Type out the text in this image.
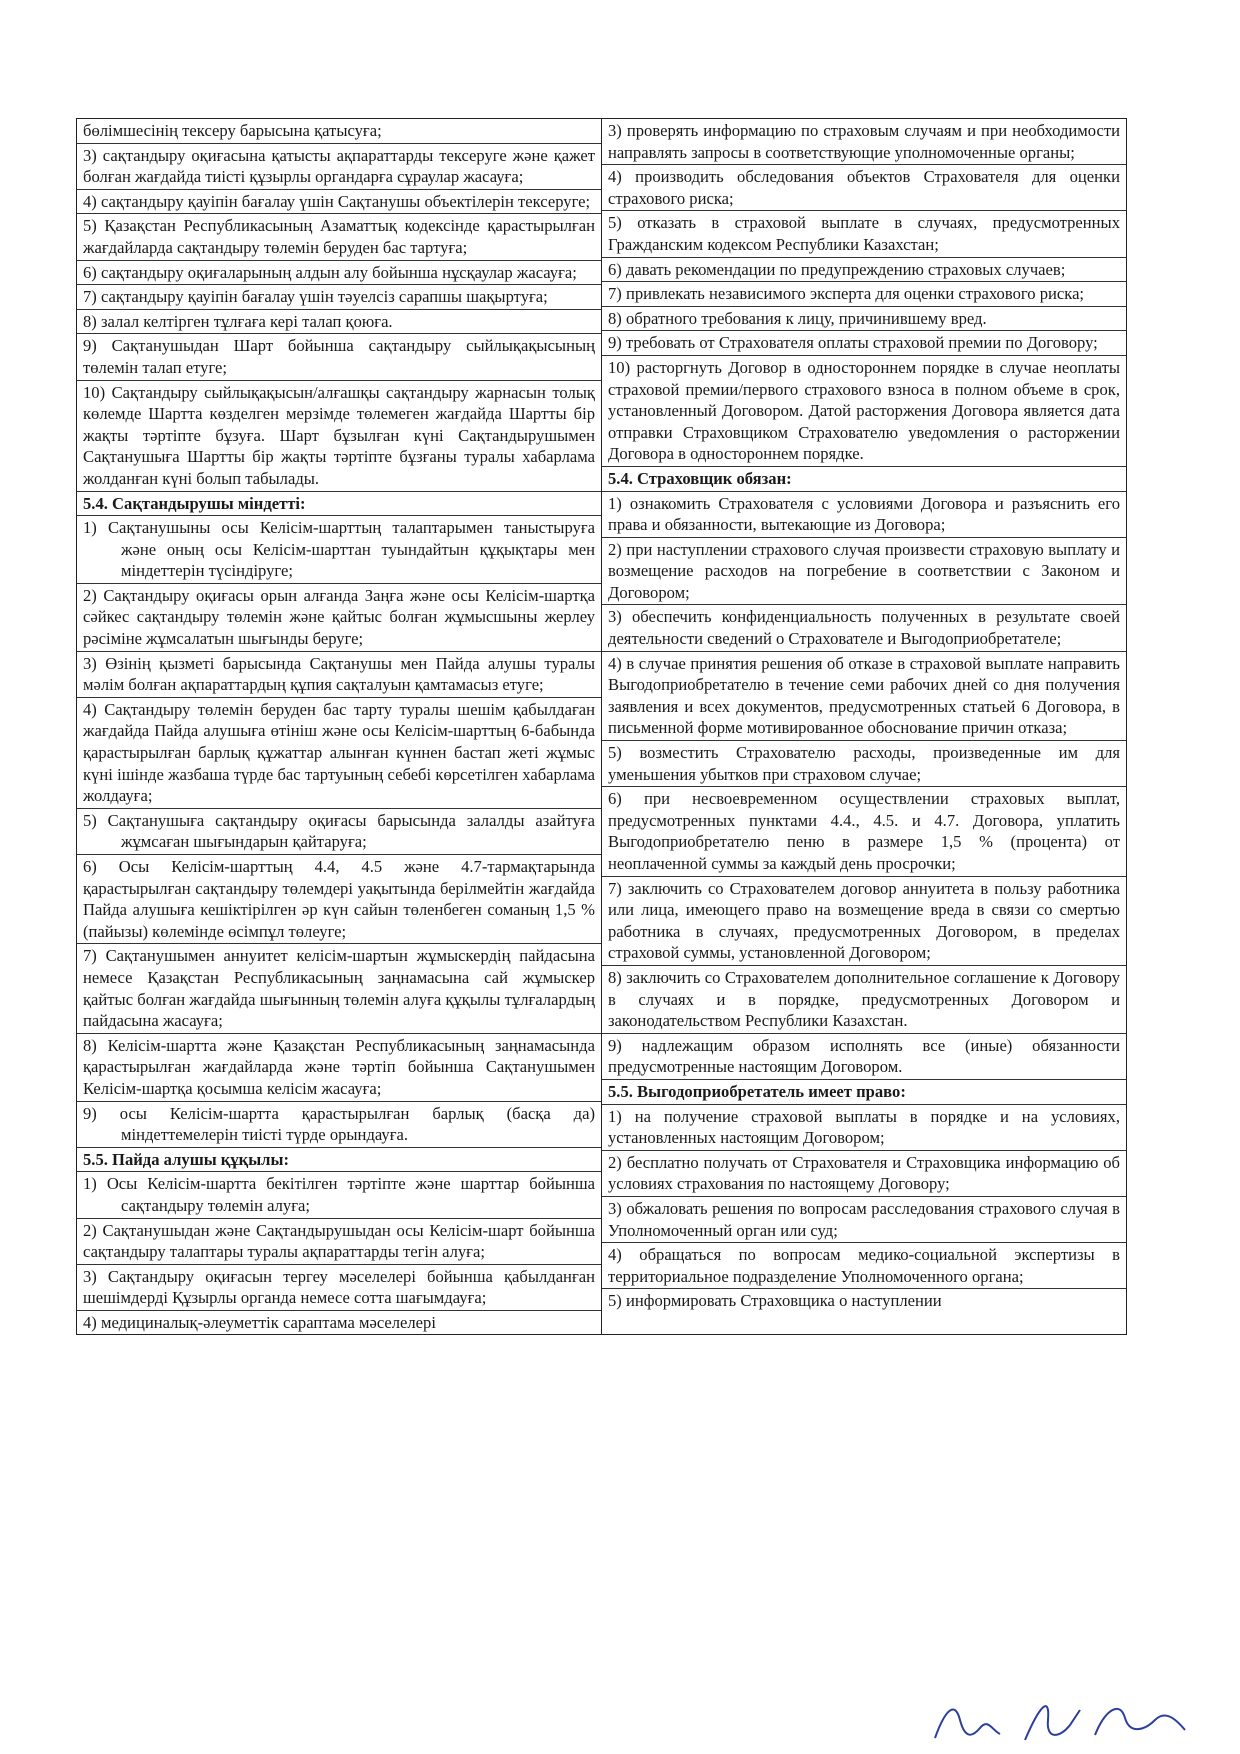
бөлімшесінің тексеру барысына қатысуға;
3) сақтандыру оқиғасына қатысты ақпараттарды тексеруге және қажет болған жағдайда тиісті құзырлы органдарға сұраулар жасауға;
4) сақтандыру қауіпін бағалау үшін Сақтанушы объектілерін тексеруге;
5) Қазақстан Республикасының Азаматтық кодексінде қарастырылған жағдайларда сақтандыру төлемін беруден бас тартуға;
6) сақтандыру оқиғаларының алдын алу бойынша нұсқаулар жасауға;
7) сақтандыру қауіпін бағалау үшін тәуелсіз сарапшы шақыртуға;
8) залал келтірген тұлғаға кері талап қоюға.
9) Сақтанушыдан Шарт бойынша сақтандыру сыйлықақысының төлемін талап етуге;
10) Сақтандыру сыйлықақысын/алғашқы сақтандыру жарнасын толық көлемде Шартта көзделген мерзімде төлемеген жағдайда Шартты бір жақты тәртіпте бұзуға. Шарт бұзылған күні Сақтандырушымен Сақтанушыға Шартты бір жақты тәртіпте бұзғаны туралы хабарлама жолданған күні болып табылады.
5.4. Сақтандырушы міндетті:
1) Сақтанушыны осы Келісім-шарттың талаптарымен таныстыруға және оның осы Келісім-шарттан туындайтын құқықтары мен міндеттерін түсіндіруге;
2) Сақтандыру оқиғасы орын алғанда Заңға және осы Келісім-шартқа сәйкес сақтандыру төлемін және қайтыс болған жұмысшыны жерлеу рәсіміне жұмсалатын шығынды беруге;
3) Өзінің қызметі барысында Сақтанушы мен Пайда алушы туралы мәлім болған ақпараттардың құпия сақталуын қамтамасыз етуге;
4) Сақтандыру төлемін беруден бас тарту туралы шешім қабылдаған жағдайда Пайда алушыға өтініш және осы Келісім-шарттың 6-бабында қарастырылған барлық құжаттар алынған күннен бастап жеті жұмыс күні ішінде жазбаша түрде бас тартуының себебі көрсетілген хабарлама жолдауға;
5) Сақтанушыға сақтандыру оқиғасы барысында залалды азайтуға жұмсаған шығындарын қайтаруға;
6) Осы Келісім-шарттың 4.4, 4.5 және 4.7-тармақтарында қарастырылған сақтандыру төлемдері уақытында берілмейтін жағдайда Пайда алушыға кешіктірілген әр күн сайын төленбеген соманың 1,5 % (пайызы) көлемінде өсімпұл төлеуге;
7) Сақтанушымен аннуитет келісім-шартын жұмыскердің пайдасына немесе Қазақстан Республикасының заңнамасына сай жұмыскер қайтыс болған жағдайда шығынның төлемін алуға құқылы тұлғалардың пайдасына жасауға;
8) Келісім-шартта және Қазақстан Республикасының заңнамасында қарастырылған жағдайларда және тәртіп бойынша Сақтанушымен Келісім-шартқа қосымша келісім жасауға;
9) осы Келісім-шартта қарастырылған барлық (басқа да) міндеттемелерін тиісті түрде орындауға.
5.5. Пайда алушы құқылы:
1) Осы Келісім-шартта бекітілген тәртіпте және шарттар бойынша сақтандыру төлемін алуға;
2) Сақтанушыдан және Сақтандырушыдан осы Келісім-шарт бойынша сақтандыру талаптары туралы ақпараттарды тегін алуға;
3) Сақтандыру оқиғасын тергеу мәселелері бойынша қабылданған шешімдерді Құзырлы органда немесе сотта шағымдауға;
4) медициналық-әлеуметтік сараптама мәселелері

3) проверять информацию по страховым случаям и при необходимости направлять запросы в соответствующие уполномоченные органы;
4) производить обследования объектов Страхователя для оценки страхового риска;
5) отказать в страховой выплате в случаях, предусмотренных Гражданским кодексом Республики Казахстан;
6) давать рекомендации по предупреждению страховых случаев;
7) привлекать независимого эксперта для оценки страхового риска;
8) обратного требования к лицу, причинившему вред.
9) требовать от Страхователя оплаты страховой премии по Договору;
10) расторгнуть Договор в одностороннем порядке в случае неоплаты страховой премии/первого страхового взноса в полном объеме в срок, установленный Договором. Датой расторжения Договора является дата отправки Страховщиком Страхователю уведомления о расторжении Договора в одностороннем порядке.
5.4. Страховщик обязан:
1) ознакомить Страхователя с условиями Договора и разъяснить его права и обязанности, вытекающие из Договора;
2) при наступлении страхового случая произвести страховую выплату и возмещение расходов на погребение в соответствии с Законом и Договором;
3) обеспечить конфиденциальность полученных в результате своей деятельности сведений о Страхователе и Выгодоприобретателе;
4) в случае принятия решения об отказе в страховой выплате направить Выгодоприобретателю в течение семи рабочих дней со дня получения заявления и всех документов, предусмотренных статьей 6 Договора, в письменной форме мотивированное обоснование причин отказа;
5) возместить Страхователю расходы, произведенные им для уменьшения убытков при страховом случае;
6) при несвоевременном осуществлении страховых выплат, предусмотренных пунктами 4.4., 4.5. и 4.7. Договора, уплатить Выгодоприобретателю пеню в размере 1,5 % (процента) от неоплаченной суммы за каждый день просрочки;
7) заключить со Страхователем договор аннуитета в пользу работника или лица, имеющего право на возмещение вреда в связи со смертью работника в случаях, предусмотренных Договором, в пределах страховой суммы, установленной Договором;
8) заключить со Страхователем дополнительное соглашение к Договору в случаях и в порядке, предусмотренных Договором и законодательством Республики Казахстан.
9) надлежащим образом исполнять все (иные) обязанности предусмотренные настоящим Договором.
5.5. Выгодоприобретатель имеет право:
1) на получение страховой выплаты в порядке и на условиях, установленных настоящим Договором;
2) бесплатно получать от Страхователя и Страховщика информацию об условиях страхования по настоящему Договору;
3) обжаловать решения по вопросам расследования страхового случая в Уполномоченный орган или суд;
4) обращаться по вопросам медико-социальной экспертизы в территориальное подразделение Уполномоченного органа;
5) информировать Страховщика о наступлении
